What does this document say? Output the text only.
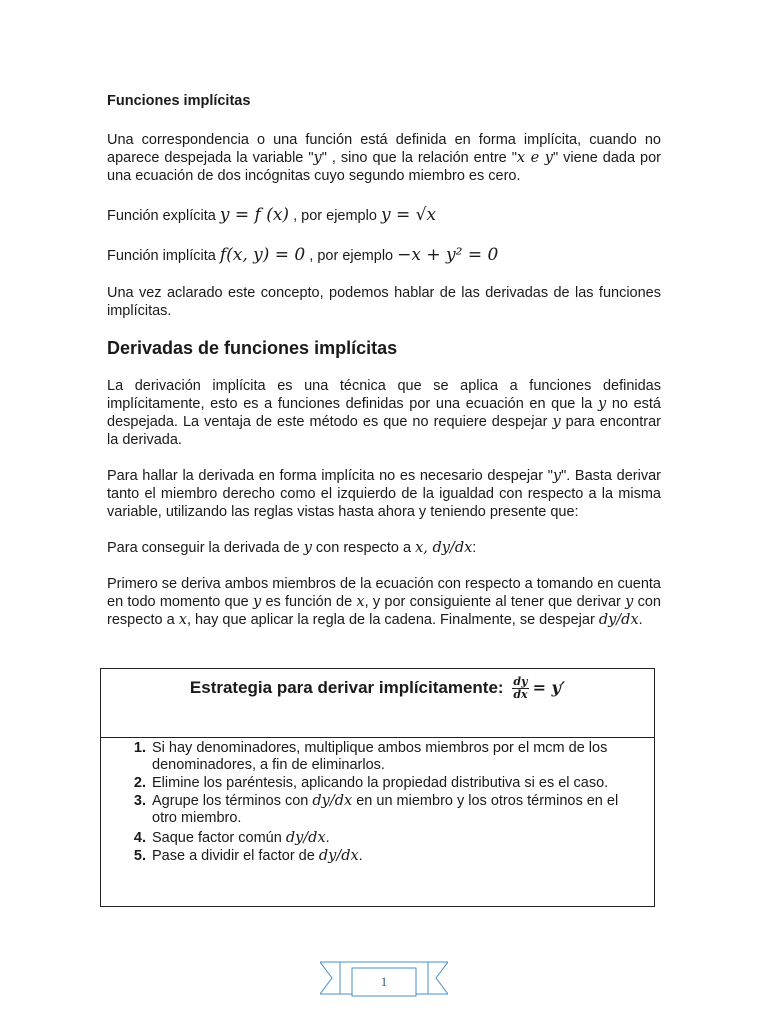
Funciones implícitas

Una correspondencia o una función está definida en forma implícita, cuando no aparece despejada la variable "y" , sino que la relación entre "x e y" viene dada por una ecuación de dos incógnitas cuyo segundo miembro es cero.

Función explícita y = f (x) , por ejemplo y = √x

Función implícita f(x, y) = 0 , por ejemplo −x + y² = 0

Una vez aclarado este concepto, podemos hablar de las derivadas de las funciones implícitas.

Derivadas de funciones implícitas

La derivación implícita es una técnica que se aplica a funciones definidas implícitamente, esto es a funciones definidas por una ecuación en que la y no está despejada. La ventaja de este método es que no requiere despejar y para encontrar la derivada.

Para hallar la derivada en forma implícita no es necesario despejar "y". Basta derivar tanto el miembro derecho como el izquierdo de la igualdad con respecto a la misma variable, utilizando las reglas vistas hasta ahora y teniendo presente que:

Para conseguir la derivada de y con respecto a x, dy/dx:

Primero se deriva ambos miembros de la ecuación con respecto a tomando en cuenta en todo momento que y es función de x, y por consiguiente al tener que derivar y con respecto a x, hay que aplicar la regla de la cadena. Finalmente, se despejar dy/dx.

Estrategia para derivar implícitamente: $\frac{dy}{dx} = y'$
1. Si hay denominadores, multiplique ambos miembros por el mcm de los denominadores, a fin de eliminarlos.
2. Elimine los paréntesis, aplicando la propiedad distributiva si es el caso.
3. Agrupe los términos con dy/dx en un miembro y los otros términos en el otro miembro.
4. Saque factor común dy/dx.
5. Pase a dividir el factor de dy/dx.
1
